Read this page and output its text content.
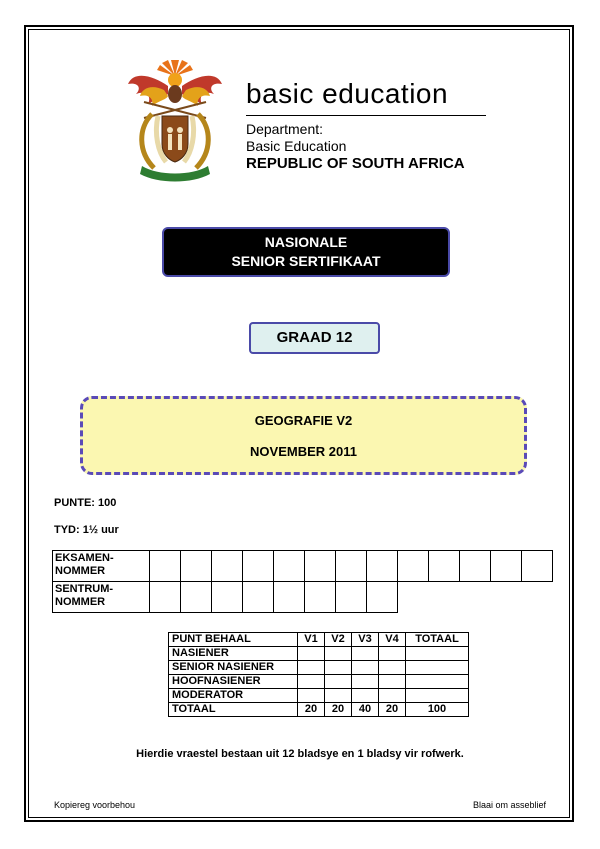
basic education
Department:
Basic Education
REPUBLIC OF SOUTH AFRICA
NASIONALE
SENIOR SERTIFIKAAT
GRAAD 12
GEOGRAFIE V2
NOVEMBER 2011
PUNTE: 100
TYD: 1½ uur
EKSAMEN-
NOMMER													
SENTRUM-
NOMMER													
PUNT BEHAAL	V1	V2	V3	V4	TOTAAL
NASIENER					
SENIOR NASIENER					
HOOFNASIENER					
MODERATOR					
TOTAAL	20	20	40	20	100
Hierdie vraestel bestaan uit 12 bladsye en 1 bladsy vir rofwerk.
Kopiereg voorbehou	Blaai om asseblief
